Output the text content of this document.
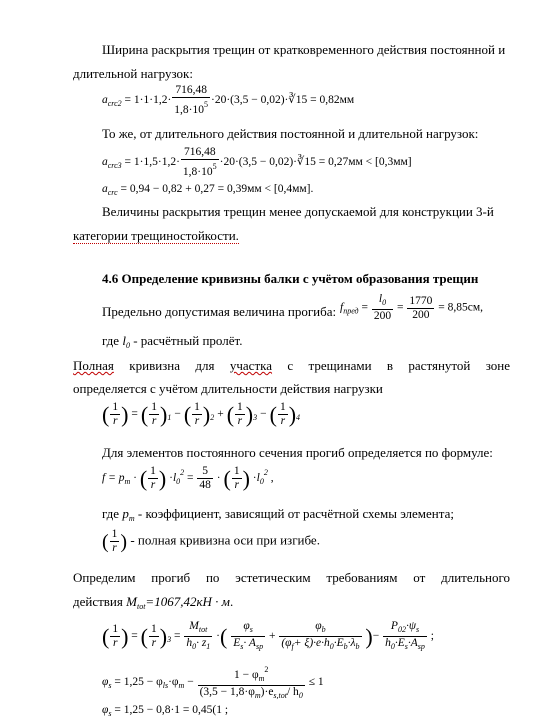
Ширина раскрытия трещин от кратковременного действия постоянной и
длительной нагрузок:
$a_{crc2} = 1\cdot 1\cdot 1,2\cdot \frac{716,48}{1,8\cdot 10^5} \cdot 20\cdot(3,5$ − 0,02)·∛15 = 0,82мм
То же, от длительного действия постоянной и длительной нагрузок:
$a_{crc3} = 1\cdot 1,5\cdot 1,2\cdot \frac{716,48}{1,8\cdot 10^5} \cdot 20\cdot(3,5$ − 0,02)·∛15 = 0,27мм < [0,3мм]
$a_{crc} = 0,94 - 0,82 + 0,27 = 0,39мм < [0,4мм]$.
Величины раскрытия трещин менее допускаемой для конструкции 3-й
категории трещиностойкости.
4.6 Определение кривизны балки с учётом образования трещин
Предельно допустимая величина прогиба: $f_{пред} = \frac{l_0}{200} = \frac{1770}{200} = 8,85см$,
где $l_0$ - расчётный пролёт.
Полная кривизна для участка с трещинами в растянутой зоне
определяется с учётом длительности действия нагрузки
( $\frac{1}{r}$ ) = ( $\frac{1}{r} )_1$ − ( $\frac{1}{r} )_2$ + ( $\frac{1}{r} )_3$ − ( $\frac{1}{r} )_4$
Для элементов постоянного сечения прогиб определяется по формуле:
$f = p_m$ · ( $\frac{1}{r}$ ) $\cdot l_0^2 = \frac{5}{48}$ · ( $\frac{1}{r}$ ) $\cdot l_0^2$ ,
где $p_m$ - коэффициент, зависящий от расчётной схемы элемента;
( $\frac{1}{r}$ ) - полная кривизна оси при изгибе.
Определим прогиб по эстетическим требованиям от длительного
действия $M_{tot}=1067,42кН \cdot м$.
( $\frac{1}{r}$ ) = ( $\frac{1}{r} )_3 = \frac{M_{tot}}{h_0\cdot z_1}$ ·( $\frac{\varphi_s}{E_s\cdot A_{sp}} + \frac{\varphi_b}{(\varphi_f+ \xi)\cdot e\cdot h_0\cdot E_b\cdot\lambda_b}$ )− $\frac{P_{02}\cdot\psi_s}{h_0\cdot E_s\cdot A_{sp}}$ ;
$\varphi_s = 1,25 - \varphi_{ls}\cdot\varphi_m - \frac{1 - \varphi_m^2}{(3,5 - 1,8\cdot\varphi_m)\cdot e_{s,tot}/ h_0} \le 1$
$\varphi_s = 1,25 - 0,8\cdot 1 = 0,45(1$ ;
